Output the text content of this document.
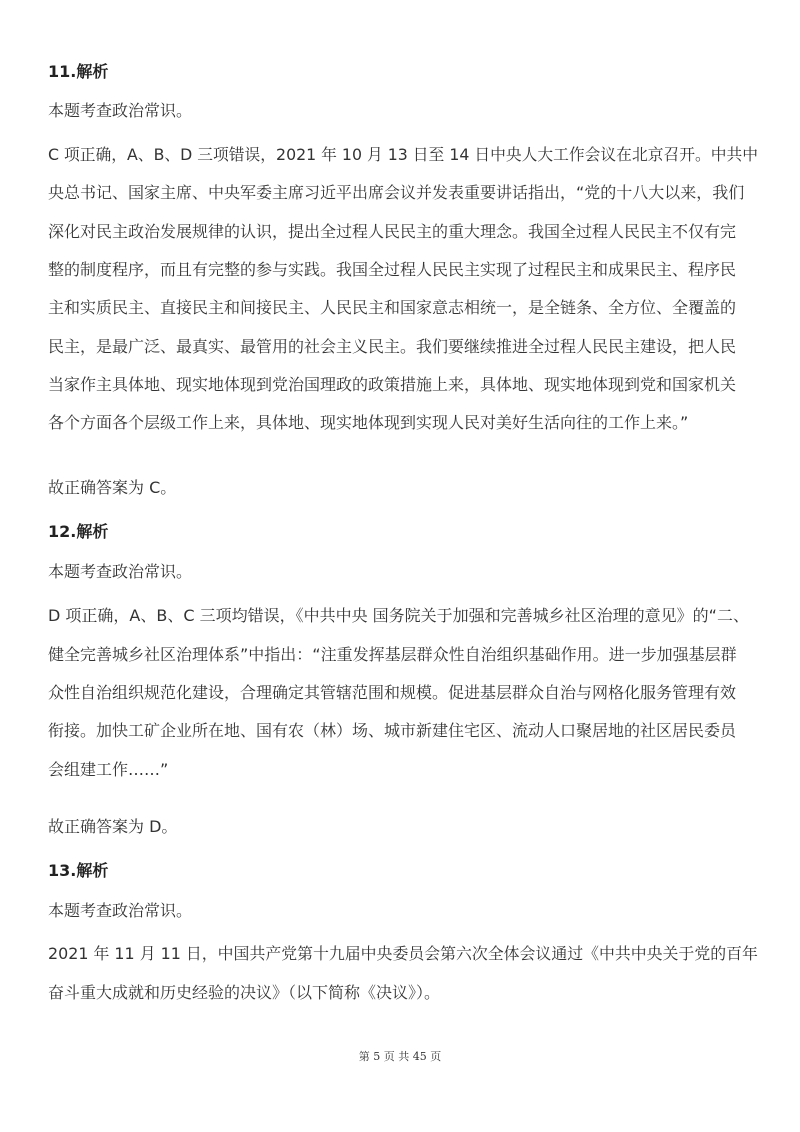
11.解析
本题考查政治常识。
C 项正确，A、B、D 三项错误，2021 年 10 月 13 日至 14 日中央人大工作会议在北京召开。中共中
央总书记、国家主席、中央军委主席习近平出席会议并发表重要讲话指出，“党的十八大以来，我们
深化对民主政治发展规律的认识，提出全过程人民民主的重大理念。我国全过程人民民主不仅有完
整的制度程序，而且有完整的参与实践。我国全过程人民民主实现了过程民主和成果民主、程序民
主和实质民主、直接民主和间接民主、人民民主和国家意志相统一，是全链条、全方位、全覆盖的
民主，是最广泛、最真实、最管用的社会主义民主。我们要继续推进全过程人民民主建设，把人民
当家作主具体地、现实地体现到党治国理政的政策措施上来，具体地、现实地体现到党和国家机关
各个方面各个层级工作上来，具体地、现实地体现到实现人民对美好生活向往的工作上来。”
故正确答案为 C。
12.解析
本题考查政治常识。
D 项正确，A、B、C 三项均错误，《中共中央 国务院关于加强和完善城乡社区治理的意见》的“二、
健全完善城乡社区治理体系”中指出：“注重发挥基层群众性自治组织基础作用。进一步加强基层群
众性自治组织规范化建设，合理确定其管辖范围和规模。促进基层群众自治与网格化服务管理有效
衔接。加快工矿企业所在地、国有农（林）场、城市新建住宅区、流动人口聚居地的社区居民委员
会组建工作……”
故正确答案为 D。
13.解析
本题考查政治常识。
2021 年 11 月 11 日，中国共产党第十九届中央委员会第六次全体会议通过《中共中央关于党的百年
奋斗重大成就和历史经验的决议》（以下简称《决议》）。
第 5 页 共 45 页
